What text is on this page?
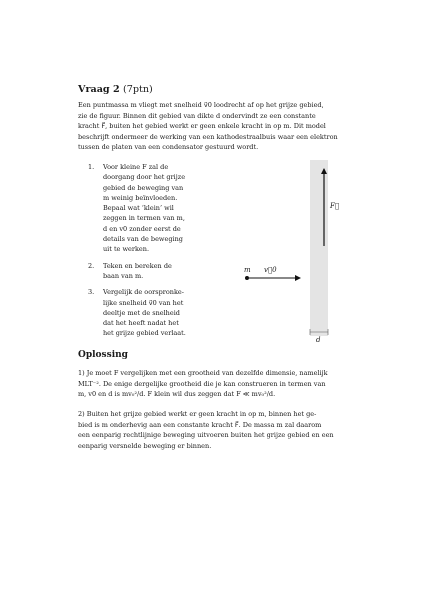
Vraag 2 (7ptn)
Een puntmassa m vliegt met snelheid v⃗0 loodrecht af op het grijze gebied,
zie de figuur. Binnen dit gebied van dikte d ondervindt ze een constante
kracht F⃗, buiten het gebied werkt er geen enkele kracht in op m. Dit model
beschrijft ondermeer de werking van een kathodestraalbuis waar een elektron
tussen de platen van een condensator gestuurd wordt.
1. Voor kleine F zal de
doorgang door het grijze
gebied de beweging van
m weinig beïnvloeden.
Bepaal wat ‘klein’ wil
zeggen in termen van m,
d en v0 zonder eerst de
details van de beweging
uit te werken.
2. Teken en bereken de
baan van m.
3. Vergelijk de oorspronke-
lijke snelheid v⃗0 van het
deeltje met de snelheid
dat het heeft nadat het
het grijze gebied verlaat.
F⃗
m v⃗0
d
Oplossing
1) Je moet F vergelijken met een grootheid van dezelfde dimensie, namelijk
MLT⁻². De enige dergelijke grootheid die je kan construeren in termen van
m, v0 en d is mv₀²/d. F klein wil dus zeggen dat F ≪ mv₀²/d.
2) Buiten het grijze gebied werkt er geen kracht in op m, binnen het ge-
bied is m onderhevig aan een constante kracht F⃗. De massa m zal daarom
een eenparig rechtlijnige beweging uitvoeren buiten het grijze gebied en een
eenparig versnelde beweging er binnen.
